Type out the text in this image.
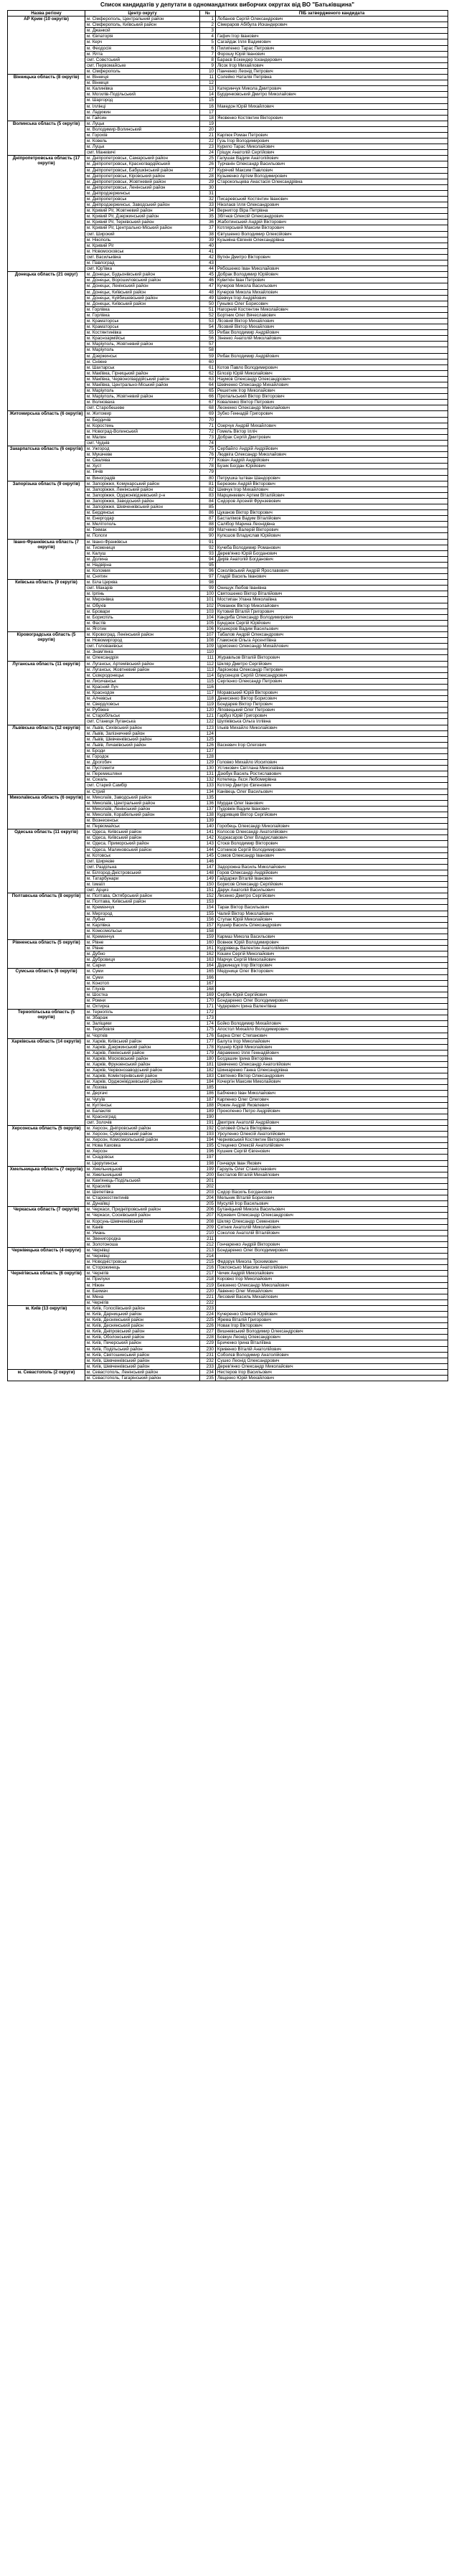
Список кандидатів у депутати в одномандатних виборчих округах від ВО "Батьківщина"
Назва регіону	Центр округу	№	ПІБ затвердженого кандидата
АР Крим (10 округів)	м. Сімферополь, Центральний район	1	Лобанов Сергій Олександрович
	м. Сімферополь, Київський район	2	Сімераров Абібула Искандерович
	м. Джанкой	3	
	м. Євпаторія	4	Гафич Ігор Іванович
	м. Керч	5	Сагайдак Ілля Вадимович
	м. Феодосія	6	Пилипенко Тарас Петрович
	м. Ялта	7	Форошу Юрій Іванович
	смт. Совєтський	8	Бараєв Ескендер Іскандерович
	смт. Первомайське	9	Лісок Ігор Михайлович
	м. Сімферополь	10	Панченко Леонід Петрович
Вінницька область (8 округів)	м. Вінниця	11	Солейко Наталія Петрівна
	м. Вінниця	12	
	м. Калинівка	13	Катеринчук Микола Дмитрович
	м. Могилів-Подільський	14	Бурдинковський Дмитро Миколайович
	м. Шаргород	15	
	м. Іллінці	16	Македон Юрій Михайлович
	м. Ладижин	17	
	м. Гайсин	18	Яковенко Костянтин Вікторович
Волинська область (5 округів)	м. Луцьк	19	
	м. Володимир-Волинський	20	
	м. Горохів	21	Карпюк Роман Петрович
	м. Ковель	22	Гузь Ігор Володимирович
	м. Луцьк	23	Курило Тарас Миколайович
	смт. Маневичі	24	Гріщук Анатолій Сергійович
Дніпропетровська область (17 округів)	м. Дніпропетровськ, Самарський район	25	Галушак Вадим Анатолійович
	м. Дніпропетровськ, Красногвардійський	26	Турчанін Олександр Васильович
	м. Дніпропетровськ, Бабушкінський район	27	Курячий Максим Павлович
	м. Дніпропетровськ, Кіровський район	28	Кузьменко Артем Володимирович
	м. Дніпропетровськ, Жовтневий район	29	Старокольцева Анастасія Олександрівна
	м. Дніпропетровськ, Ленінський район	30	
	м. Дніпродзержинськ	31	
	м. Дніпропетровськ	32	Писаревський Костянтин Іванович
	м. Дніпродзержинськ, Заводський район	33	Ніколаєв Ілля Олександрович
	м. Кривий Ріг, Жовтневий район	34	Верниггор Віра Петрівна
	м. Кривий Ріг, Дзержинський район	35	Збітнєв Олексій Олександрович
	м. Кривий Ріг, Тернівський район	36	Жаботинський Андрій Вікторович
	м. Кривий Ріг, Центрально-Міський район	37	Котлярський Максим Вікторович
	смт. Широкий	38	Євтушенко Володимир Олексійович
	м. Нікополь	39	Кузьміна Євгенія Олександрівна
	м. Кривий Ріг	40	
	м. Новомосковськ	41	
	смт. Васильківка	42	Вуткін Дмитро Вікторович
	м. Павлоград	43	
	смт. Юр'ївка	44	Рябошенко Іван Миколайович
Донецька область (21 округ)	м. Донецьк, Будьонівський район	45	Добрак Володимир Юрійович
	м. Донецьк, Ворошиловський район	46	Кувиткін Іван Петрович
	м. Донецьк, Ленінський район	47	Кучеров Микола Васильович
	м. Донецьк, Київський район	48	Кучеров Микола Михайлович
	м. Донецьк, Куйбишевський район	49	Шевчук Ігор Андрійович
	м. Донецьк, Київський район	50	Гуньяко Олег Борисович
	м. Горлівка	51	Нагорний Костянтин Миколайович
	м. Горлівка	52	Бортник Олег Вячеславович
	м. Краматорськ	53	Лісовий Віктор Михайлович
	м. Краматорськ	54	Лісовий Віктор Михайлович
	м. Костянтинівка	55	Рибак Володимир Андрійович
	м. Красноармійськ	56	Зіненко Анатолій Миколайович
	м. Маріуполь, Жовтневий район	57	
	м. Маріуполь	58	
	м. Дзержинськ	59	Рибак Володимир Андрійович
	м. Сніжне	60	
	м. Шахтарськ	61	Котов Павло Володимирович
	м. Макіївка, Гірницький район	62	Білозір Юрій Миколайович
	м. Макіївка, Червоногвардійський район	63	Наумов Олександр Олександрович
	м. Макіївка, Центрально-Міський район	64	Шевченко Олександр Михайлович
	м. Маріуполь	65	Решетняк Ігор Миколайович
	м. Маріуполь, Жовтневий район	66	Пропальський Віктор Вікторович
	м. Волноваха	67	Коваленко Віктор Петрович
	смт. Старобешеве	68	Леоненко Олександр Миколайович
Житомирська область (6 округів)	м. Житомир	69	Зубко Геннадій Григорович
	м. Бердичів	70	
	м. Коростень	71	Озерчук Андрій Михайлович
	м. Новоград-Волинський	72	Гомель Віктор Ілліч
	м. Малин	73	Добрак Сергій Дмитрович
	смт. Чуднів	74	
Закарпатська область (6 округів)	м. Ужгород	75	Сербайло Андрій Андрійович
	м. Мукачеве	76	Людвіга Олександр Миколайович
	м. Свалява	77	Ковач Андрій Андрійович
	м. Хуст	78	Бузик Богдан Юрійович
	м. Тячів	79	
	м. Виноградів	80	Петрушка Іштван Шандорович
Запорізька область (9 округів)	м. Запоріжжя, Комунарський район	81	Березкин Андрій Вікторович
	м. Запоріжжя, Ленінський район	82	Шевчук Ігор Михайлович
	м. Запоріжжя, Орджонікідзевський р-н	83	Марцинкевич Артем Віталійович
	м. Запоріжжя, Заводський район	84	Сидоров Арсеній Фрунзевович
	м. Запоріжжя, Шевченківський район	85	
	м. Бердянськ	86	Цуканов Віктор Вікторович
	м. Енергодар	87	Басталімов Вадим Віталійович
	м. Мелітополь	88	Салібор Марина Леонідівна
	м. Токмак	89	Матченко Валерій Вікторович
	м. Пологи	90	Кулєшов Владислав Юрійович
Івано-Франківська область (7 округів)	м. Івано-Франківськ	91	
	м. Тисмениця	92	Кучеба Володимир Романович
	м. Калуш	93	Дерев'янко Юрій Богданович
	м. Долина	94	Дирів Анатолій Богданович
	м. Надвірна	95	
	м. Коломия	96	Соколівський Андрій Ярославович
	м. Снятин	97	Гладій Василь Іванович
Київська область (9 округів)	м. Біла Церква	98	
	смт. Макарів	99	Онищук Любов Іванівна
	м. Ірпінь	100	Святошенко Віктор Віталійович
	м. Миронівка	101	Мостипан Улана Миколаївна
	м. Обухів	102	Романюк Віктор Миколайович
	м. Бровари	103	Кутовий Віталій Григорович
	м. Бориспіль	104	Кандиба Олександр Володимирович
	м. Фастів	105	Бундзюк Сергій Юрійович
	м. Яготин	106	Кушнєров Вадим Васильович
Кіровоградська область (5 округів)	м. Кіровоград, Ленінський район	107	Табалов Андрій Олександрович
	м. Новомиргород	108	Гламонов Ольга Арсентіївна
	смт. Голованівськ	109	Ідрисенко Олександр Михайлович
	м. Знам'янка	110	
	м. Олександрія	111	Журавльов Віталій Вікторович
Луганська область (11 округів)	м. Луганськ, Артемівський район	112	Шкляр Дмитро Сергійович
	м. Луганськ, Жовтневий район	113	Ларіонова Олександр Петрович
	м. Сєвєродонецьк	114	Брусенцов Сергій Олександрович
	м. Лисичанськ	115	Сергієнко Олександр Петрович
	м. Красний Луч	116	
	м. Краснодон	117	Моравський Юрій Вікторович
	м. Алчевськ	118	Денисенко Віктор Борисович
	м. Свердловськ	119	Бондарев Віктор Петрович
	м. Рубіжне	120	Ліповецький Олег Петрович
	м. Старобільськ	121	Гарбуз Юрій Григорович
	смт. Станиця Луганська	122	Шуліківська Ольга Іллівна
Львівська область (12 округів)	м. Львів, Сихівський район	123	Ільків Михайло Миколайович
	м. Львів, Залізничний район	124	
	м. Львів, Шевченківський район	125	
	м. Львів, Личаківський район	126	Васкевич Ігор Олегович
	м. Броди	127	
	м. Городок	128	
	м. Дрогобич	129	Головко Михайло Йосипович
	м. Пустомити	130	Устинович Світлана Миколаївна
	м. Перемишляни	131	Дзюбук Василь Ростиславович
	м. Сокаль	132	Котелець Лєся Любомирівна
	смт. Старий Самбір	133	Котляр Дмитро Євгенович
	м. Стрий	134	Канівець Олег Васильович
Миколаївська область (6 округів)	м. Миколаїв, Заводський район	135	
	м. Миколаїв, Центральний район	136	Мурдак Олег Іванович
	м. Миколаїв, Ленінський район	137	Пудовкін Вадим Іванович
	м. Миколаїв, Корабельний район	138	Кудрявцев Віктор Сергійович
	м. Вознесенськ	139	
	м. Первомайськ	140	Горобець Олександр Миколайович
Одеська область (11 округів)	м. Одеса, Київський район	141	Колосов Олександр Анатолійович
	м. Одеса, Київський район	142	Ходжасаров Олег Владиславович
	м. Одеса, Приморський район	143	Стоєв Володимир Вікторович
	м. Одеса, Малиновський район	144	Сотников Сергій Володимирович
	м. Котовськ	145	Сомов Олександр Іванович
	смт. Ширяєве	146	
	смт. Раздільна	147	Задорожна Василь Миколайович
	м. Білгород-Дністровський	148	Горов Олександр Андрійович
	м. Татарбунари	149	Гайдаржи Віталій Іванович
	м. Ізмаїл	150	Борисов Олександр Сергійович
	смт. Арциз	151	Дарук Анатолій Васильович
Полтавська область (8 округів)	м. Полтава, Октябрський район	152	Лисенко Дмитро Сергійович
	м. Полтава, Київський район	153	
	м. Кременчук	154	Тарак Віктор Васильович
	м. Миргород	155	Чалий Віктор Миколайович
	м. Лубни	156	Ступак Юрій Миколайович
	м. Карлівка	157	Кушнір Василь Олександрович
	м. Комсомольськ	158	
	м. Кременчук	159	Кармаз Микола Васильович
Рівненська область (5 округів)	м. Рівне	160	Вовнюк Юрій Володимирович
	м. Рівне	161	Кудрявець Валентин Анатолійович
	м. Дубно	162	Кошин Сергій Миколайович
	м. Дубровиця	163	Марчук Сергій Миколайович
	м. Сарни	164	Діджинщук Ігор Вікторович
Сумська область (6 округів)	м. Суми	165	Медунице Олег Вікторович
	м. Суми	166	
	м. Конотоп	167	
	м. Глухів	168	
	м. Шостка	169	Сербін Юрій Сергійович
	м. Ромни	170	Бондаренко Олег Володимирович
	м. Охтирка	171	Чудеревич Ірина Валентівна
Тернопільська область (5 округів)	м. Тернопіль	172	
	м. Збараж	173	
	м. Заліщики	174	Бойко Володимир Михайлович
	м. Теребовля	175	Апостол Михайло Володимирович
	м. Чортків	176	Барна Олег Степанович
Харківська область (14 округів)	м. Харків, Київський район	177	Балута Ігор Миколайович
	м. Харків, Дзержинський район	178	Кушнір Юрій Миколайович
	м. Харків, Ленінський район	179	Авраменко Ілля Геннадійович
	м. Харків, Московський район	180	Богдашин Ірина Вікторівна
	м. Харків, Фрунзенський район	181	Шевченко Олександр Анатолійович
	м. Харків, Червонозаводський район	182	Шинкаренко Ганна Олександрівна
	м. Харків, Комінтернівський район	183	Святенко Віктор Олександрович
	м. Харків, Орджонікідзевський район	184	Кочергін Максим Миколайович
	м. Лозова	185	
	м. Дергачі	186	Бабченко Іван Миколайович
	м. Чугуїв	187	Карпенко Олег Олегович
	м. Куп'янськ	188	Рожин Андрій Яковлевич
	м. Балаклія	189	Прокопенко Петро Андрійович
	м. Красноград	190	
	смт. Золочів	191	Дмитрик Анатолій Андрійович
Херсонська область (5 округів)	м. Херсон, Дніпровський район	192	Соловей Ольга Вікторівна
	м. Херсон, Суворовський район	193	Урсуленко Олексій Анатолійович
	м. Херсон, Комсомольський район	194	Чернявський Костянтин Вікторович
	м. Нова Каховка	195	Стеценко Олексій Анатолійович
	м. Херсон	196	Кушник Сергій Євгенович
	м. Скадовськ	197	
	м. Цюрупинськ	198	Гончарук Іван Якович
Хмельницька область (7 округів)	м. Хмельницький	199	Гарзуль Олег Станіславович
	м. Хмельницький	200	Бесталов Віталій Михайлович
	м. Кам'янець-Подільський	201	
	м. Красилів	202	
	м. Шепетівка	203	Сидор Василь Богданович
	м. Старокостянтинів	204	Мельник Віталій Борисович
	м. Дунаївці	205	Мусулій Ігор Васильович
Черкаська область (7 округів)	м. Черкаси, Придніпровський район	206	Бутаніцький Микола Васильович
	м. Черкаси, Соснівський район	207	Юркевич Олександр Олександрович
	м. Корсунь-Шевченківський	208	Шкляр Олександр Семенович
	м. Канів	209	Ситник Анатолій Миколайович
	м. Умань	210	Соколов Анатолій Віталійович
	м. Звенигородка	211	
	м. Золотоноша	212	Гончаренко Андрій Вікторович
Чернівецька область (4 округи)	м. Чернівці	213	Бондаренко Олег Володимирович
	м. Чернівці	214	
	м. Новодністровськ	215	Федорук Микола Трохимович
	м. Сторожинець	216	Поклонсько Максим Анатолійович
Чернігівська область (6 округів)	м. Чернігів	217	Чичик Андрій Миколайович
	м. Прилуки	218	Коровко Ігор Миколайович
	м. Ніжин	219	Бевзенко Олександр Миколайович
	м. Бахмач	220	Лавенко Олег Михайлович
	м. Мена	221	Лисовий Василь Михайлович
	м. Чернігів	222	
м. Київ (13 округів)	м. Київ, Голосіївський район	223	
	м. Київ, Дарницький район	224	Кучеренко Олексій Юрійович
	м. Київ, Деснянський район	225	Ярема Віталій Григорович
	м. Київ, Деснянський район	226	Новак Ігор Вікторович
	м. Київ, Дніпровський район	227	Вишневський Володимир Олександрович
	м. Київ, Оболонський район	228	Бовкун Леонід Олександрович
	м. Київ, Печерський район	229	Бриченко Ірина Віталіївна
	м. Київ, Подільський район	230	Кривенко Віталій Анатолійович
	м. Київ, Святошинський район	231	Соболєв Володимир Анатолійович
	м. Київ, Шевченківський район	232	Сушко Леонід Олександрович
	м. Київ, Шевченківський район	233	Дерев'янко Олександр Миколайович
м. Севастополь (2 округи)	м. Севастополь, Ленінський район	234	Нестеров Ігор Васильович
	м. Севастополь, Гагарінський район	235	Лященко Юрій Михайлович
